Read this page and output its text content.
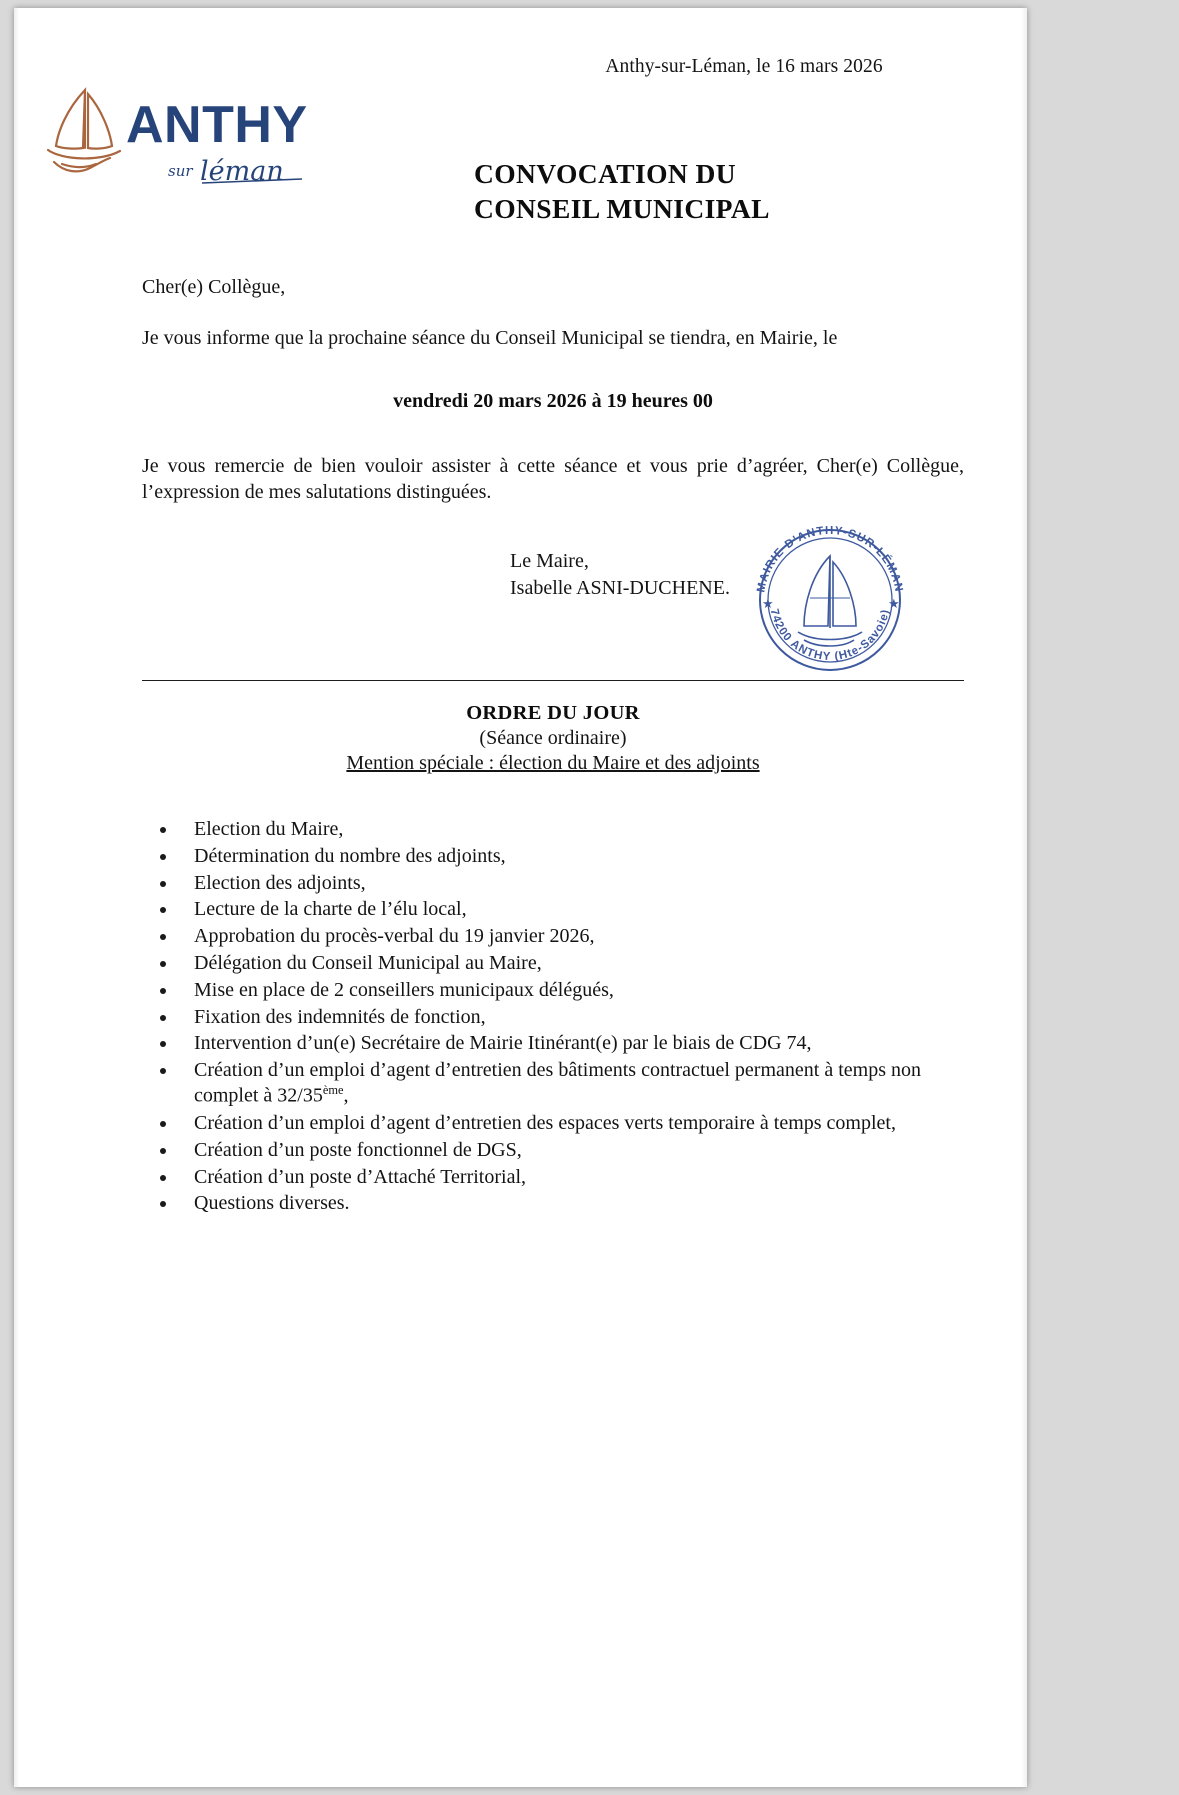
ANTHY
sur léman
Anthy-sur-Léman, le 16 mars 2026
CONVOCATION DU
CONSEIL MUNICIPAL
Cher(e) Collègue,
Je vous informe que la prochaine séance du Conseil Municipal se tiendra, en Mairie, le
vendredi 20 mars 2026 à 19 heures 00
Je vous remercie de bien vouloir assister à cette séance et vous prie d’agréer, Cher(e) Collègue, l’expression de mes salutations distinguées.
Le Maire,
Isabelle ASNI-DUCHENE.	MAIRIE D'ANTHY-SUR-LÉMAN
74200 ANTHY (Hte-Savoie)
★	★
ORDRE DU JOUR
(Séance ordinaire)
Mention spéciale : élection du Maire et des adjoints
Election du Maire,
Détermination du nombre des adjoints,
Election des adjoints,
Lecture de la charte de l’élu local,
Approbation du procès-verbal du 19 janvier 2026,
Délégation du Conseil Municipal au Maire,
Mise en place de 2 conseillers municipaux délégués,
Fixation des indemnités de fonction,
Intervention d’un(e) Secrétaire de Mairie Itinérant(e) par le biais de CDG 74,
Création d’un emploi d’agent d’entretien des bâtiments contractuel permanent à temps non complet à 32/35ème,
Création d’un emploi d’agent d’entretien des espaces verts temporaire à temps complet,
Création d’un poste fonctionnel de DGS,
Création d’un poste d’Attaché Territorial,
Questions diverses.
